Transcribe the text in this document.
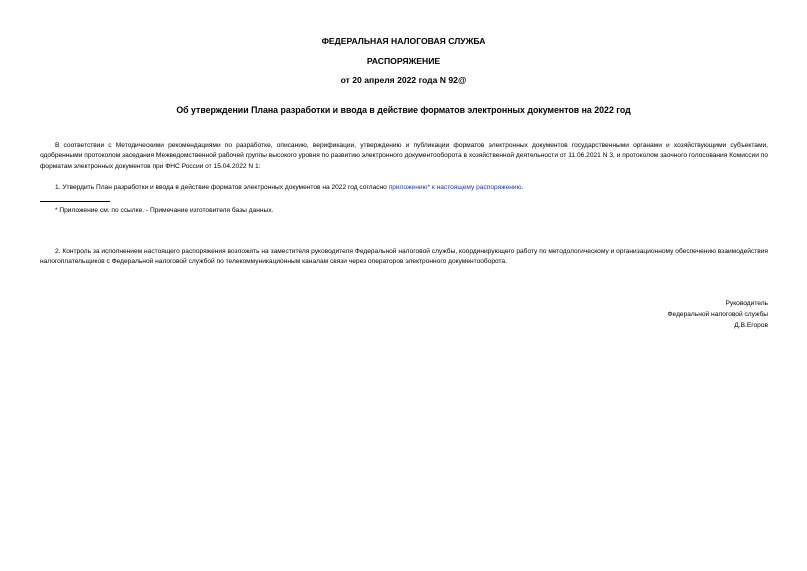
ФЕДЕРАЛЬНАЯ НАЛОГОВАЯ СЛУЖБА
РАСПОРЯЖЕНИЕ
от 20 апреля 2022 года N 92@
Об утверждении Плана разработки и ввода в действие форматов электронных документов на 2022 год

В соответствии с Методическими рекомендациями по разработке, описанию, верификации, утверждению и публикации форматов электронных документов государственными органами и хозяйствующими субъектами, одобренными протоколом заседания Межведомственной рабочей группы высокого уровня по развитию электронного документооборота в хозяйственной деятельности от 11.06.2021 N 3, и протоколом заочного голосования Комиссии по форматам электронных документов при ФНС России от 15.04.2022 N 1:

1. Утвердить План разработки и ввода в действие форматов электронных документов на 2022 год согласно приложению* к настоящему распоряжению.

* Приложение см. по ссылке. - Примечание изготовителя базы данных.

2. Контроль за исполнением настоящего распоряжения возложить на заместителя руководителя Федеральной налоговой службы, координирующего работу по методологическому и организационному обеспечению взаимодействия налогоплательщиков с Федеральной налоговой службой по телекоммуникационным каналам связи через операторов электронного документооборота.

Руководитель
Федеральной налоговой службы
Д.В.Егоров
